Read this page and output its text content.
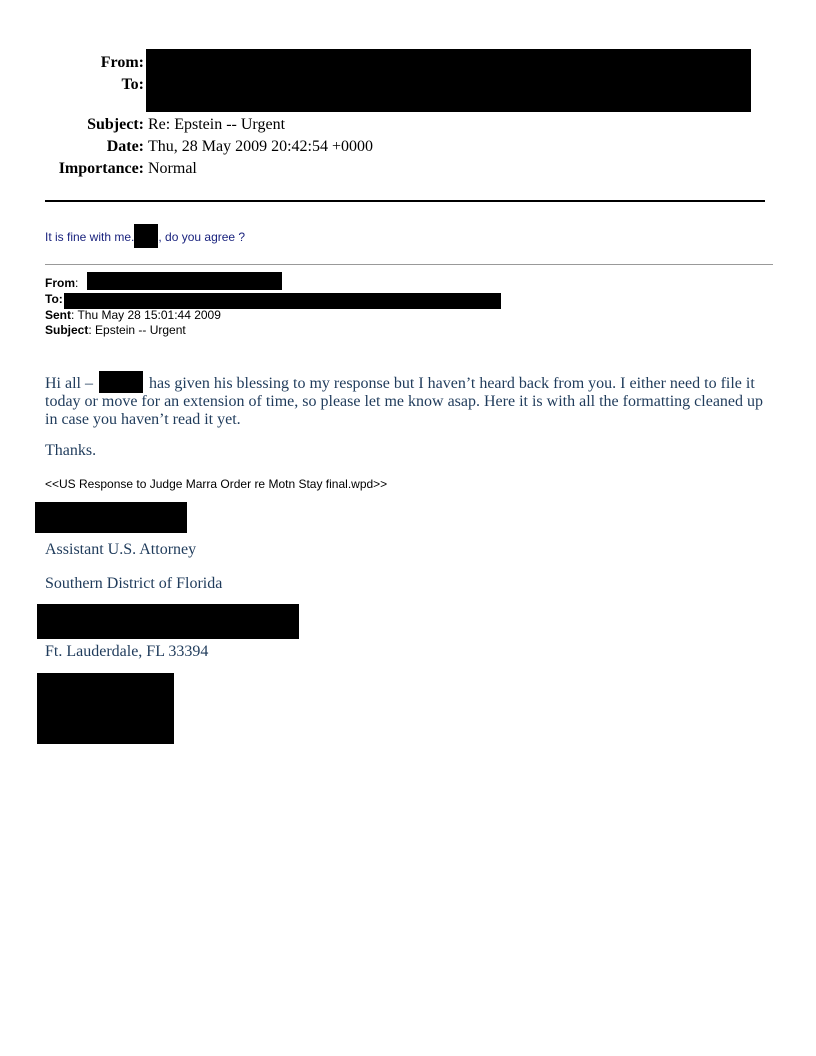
From:
To:
Subject: Re: Epstein -- Urgent
Date: Thu, 28 May 2009 20:42:54 +0000
Importance: Normal
It is fine with me. , do you agree ?
From:
To:
Sent: Thu May 28 15:01:44 2009
Subject: Epstein -- Urgent
Hi all –	has given his blessing to my response but I haven’t heard back from you. I either need to file it today or move for an extension of time, so please let me know asap. Here it is with all the formatting cleaned up in case you haven’t read it yet.
Thanks.
<<US Response to Judge Marra Order re Motn Stay final.wpd>>
Assistant U.S. Attorney
Southern District of Florida
Ft. Lauderdale, FL 33394
